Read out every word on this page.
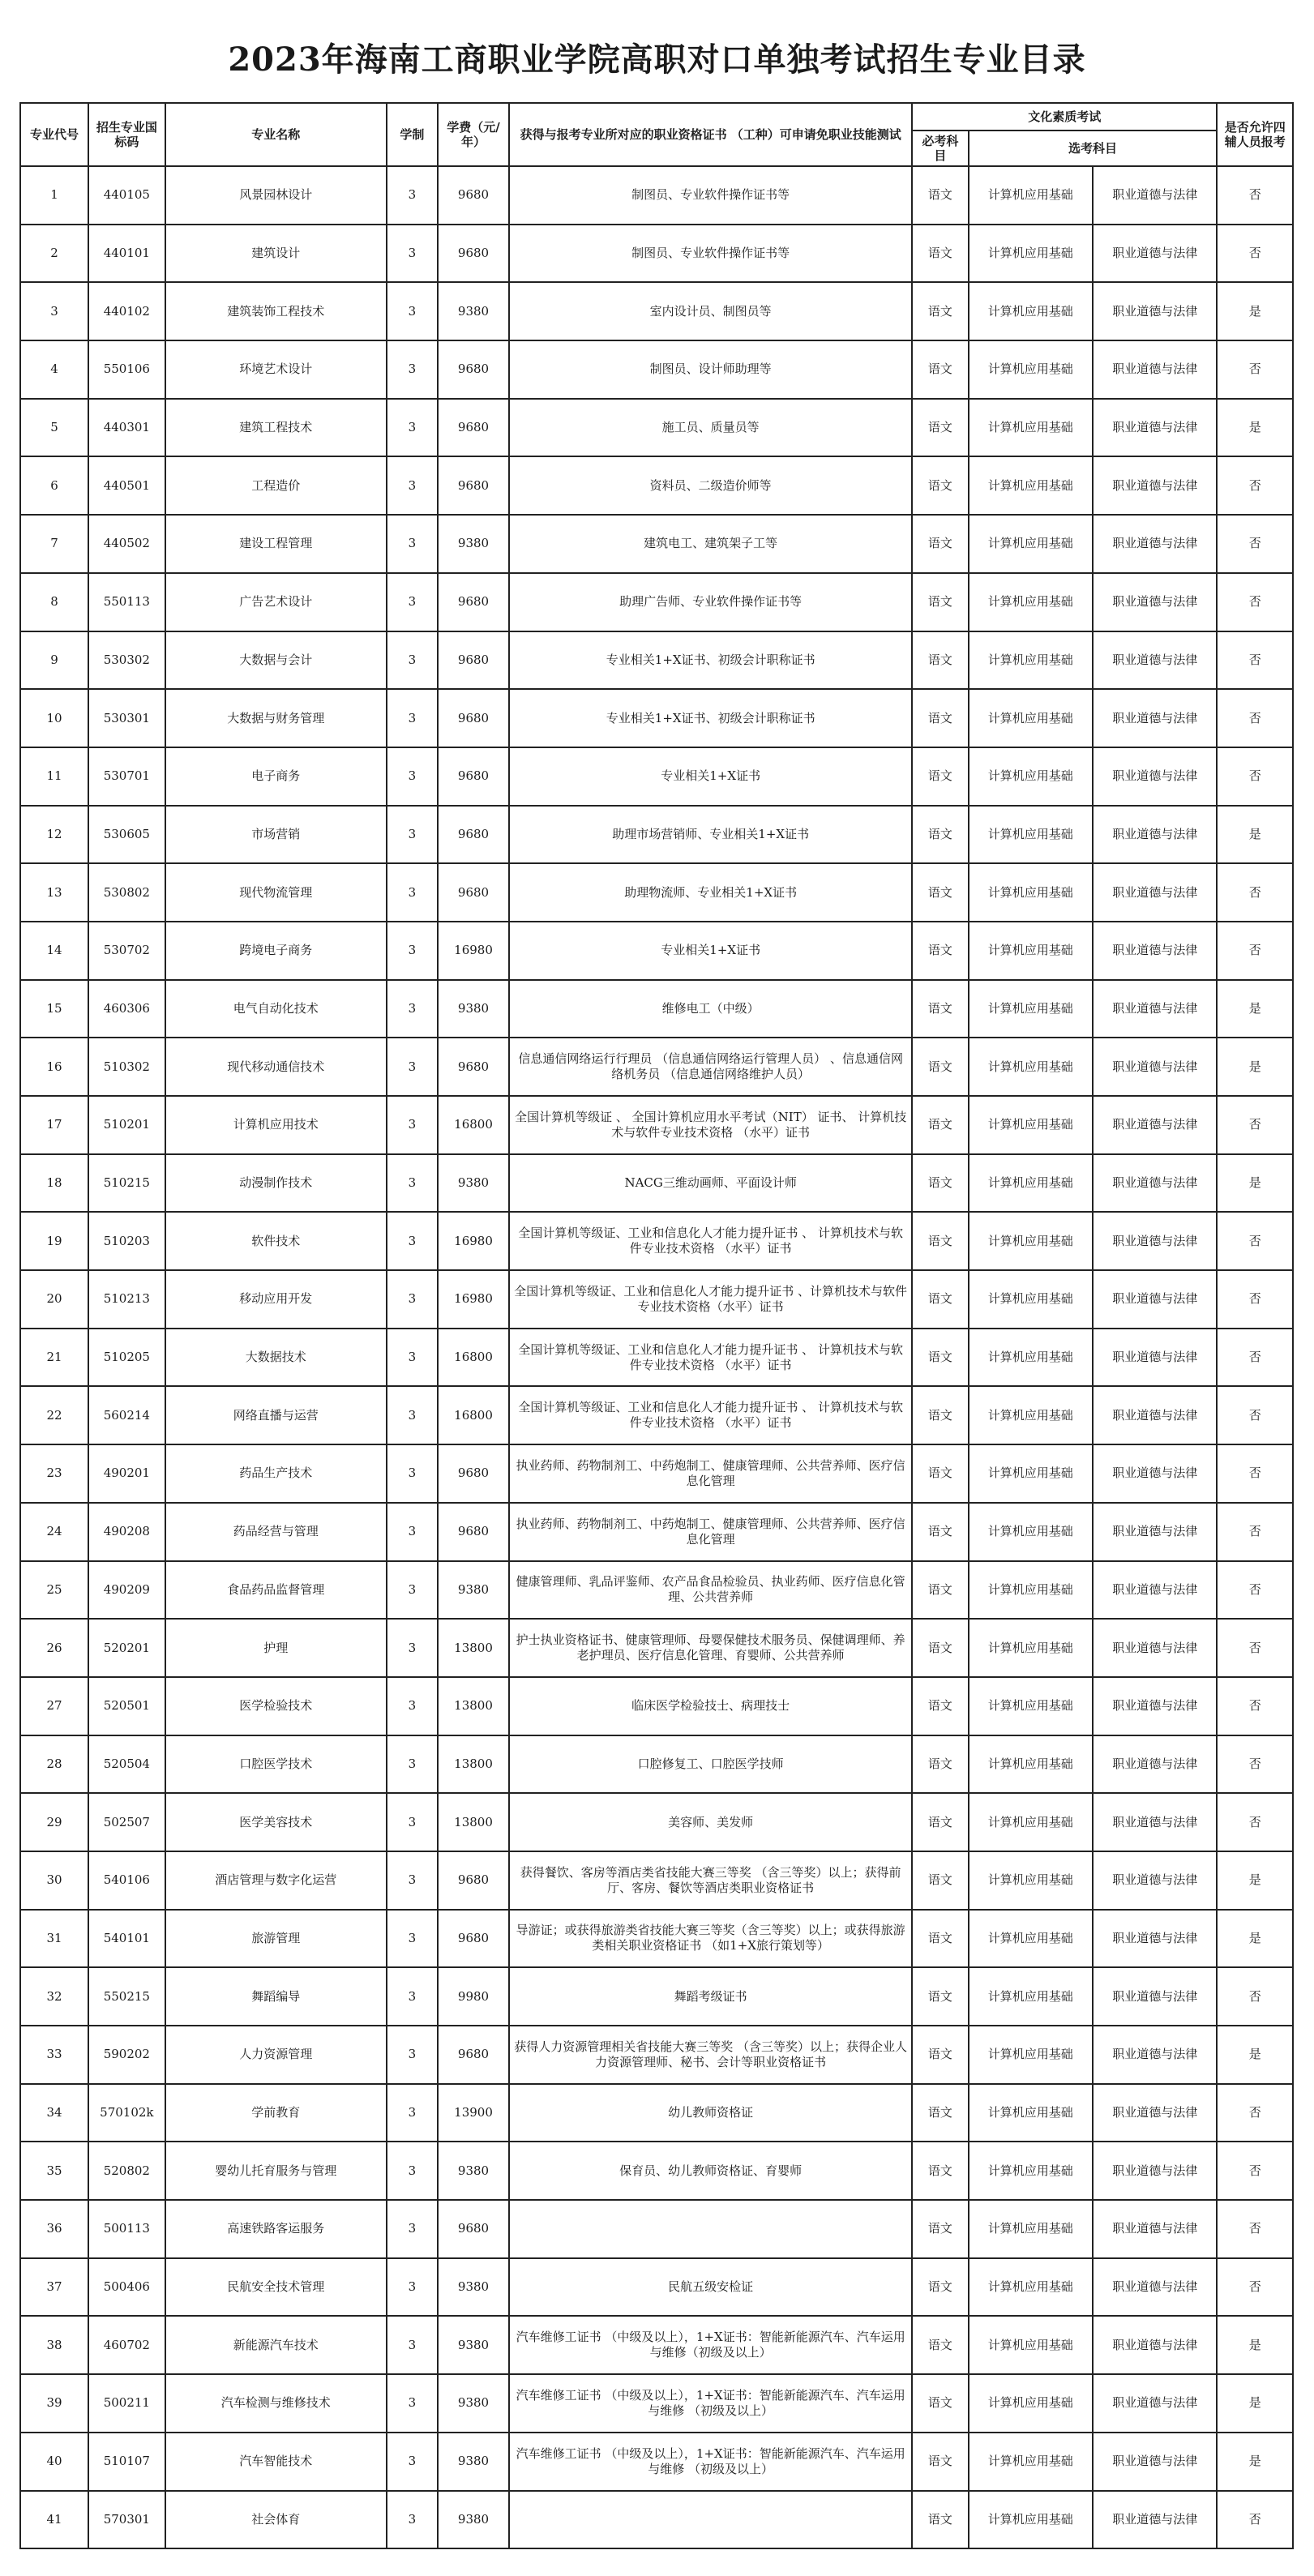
2023年海南工商职业学院高职对口单独考试招生专业目录
专业代号	招生专业国标码	专业名称	学制	学费（元/年）	获得与报考专业所对应的职业资格证书 （工种）可申请免职业技能测试	文化素质考试			是否允许四辅人员报考
						必考科目	选考科目		
1	440105	风景园林设计	3	9680	制图员、专业软件操作证书等	语文	计算机应用基础	职业道德与法律	否
2	440101	建筑设计	3	9680	制图员、专业软件操作证书等	语文	计算机应用基础	职业道德与法律	否
3	440102	建筑装饰工程技术	3	9380	室内设计员、制图员等	语文	计算机应用基础	职业道德与法律	是
4	550106	环境艺术设计	3	9680	制图员、设计师助理等	语文	计算机应用基础	职业道德与法律	否
5	440301	建筑工程技术	3	9680	施工员、质量员等	语文	计算机应用基础	职业道德与法律	是
6	440501	工程造价	3	9680	资料员、二级造价师等	语文	计算机应用基础	职业道德与法律	否
7	440502	建设工程管理	3	9380	建筑电工、建筑架子工等	语文	计算机应用基础	职业道德与法律	否
8	550113	广告艺术设计	3	9680	助理广告师、专业软件操作证书等	语文	计算机应用基础	职业道德与法律	否
9	530302	大数据与会计	3	9680	专业相关1+X证书、初级会计职称证书	语文	计算机应用基础	职业道德与法律	否
10	530301	大数据与财务管理	3	9680	专业相关1+X证书、初级会计职称证书	语文	计算机应用基础	职业道德与法律	否
11	530701	电子商务	3	9680	专业相关1+X证书	语文	计算机应用基础	职业道德与法律	否
12	530605	市场营销	3	9680	助理市场营销师、专业相关1+X证书	语文	计算机应用基础	职业道德与法律	是
13	530802	现代物流管理	3	9680	助理物流师、专业相关1+X证书	语文	计算机应用基础	职业道德与法律	否
14	530702	跨境电子商务	3	16980	专业相关1+X证书	语文	计算机应用基础	职业道德与法律	否
15	460306	电气自动化技术	3	9380	维修电工（中级）	语文	计算机应用基础	职业道德与法律	是
16	510302	现代移动通信技术	3	9680	信息通信网络运行行理员 （信息通信网络运行管理人员） 、信息通信网络机务员 （信息通信网络维护人员）	语文	计算机应用基础	职业道德与法律	是
17	510201	计算机应用技术	3	16800	全国计算机等级证 、 全国计算机应用水平考试（NIT） 证书、 计算机技术与软件专业技术资格 （水平）证书	语文	计算机应用基础	职业道德与法律	否
18	510215	动漫制作技术	3	9380	NACG三维动画师、平面设计师	语文	计算机应用基础	职业道德与法律	是
19	510203	软件技术	3	16980	全国计算机等级证、工业和信息化人才能力提升证书 、 计算机技术与软件专业技术资格 （水平）证书	语文	计算机应用基础	职业道德与法律	否
20	510213	移动应用开发	3	16980	全国计算机等级证、工业和信息化人才能力提升证书 、计算机技术与软件专业技术资格（水平）证书	语文	计算机应用基础	职业道德与法律	否
21	510205	大数据技术	3	16800	全国计算机等级证、工业和信息化人才能力提升证书 、 计算机技术与软件专业技术资格 （水平）证书	语文	计算机应用基础	职业道德与法律	否
22	560214	网络直播与运营	3	16800	全国计算机等级证、工业和信息化人才能力提升证书 、 计算机技术与软件专业技术资格 （水平）证书	语文	计算机应用基础	职业道德与法律	否
23	490201	药品生产技术	3	9680	执业药师、药物制剂工、中药炮制工、健康管理师、公共营养师、医疗信息化管理	语文	计算机应用基础	职业道德与法律	否
24	490208	药品经营与管理	3	9680	执业药师、药物制剂工、中药炮制工、健康管理师、公共营养师、医疗信息化管理	语文	计算机应用基础	职业道德与法律	否
25	490209	食品药品监督管理	3	9380	健康管理师、乳品评鉴师、农产品食品检验员、执业药师、医疗信息化管理、公共营养师	语文	计算机应用基础	职业道德与法律	否
26	520201	护理	3	13800	护士执业资格证书、健康管理师、母婴保健技术服务员、保健调理师、养老护理员、医疗信息化管理、育婴师、公共营养师	语文	计算机应用基础	职业道德与法律	否
27	520501	医学检验技术	3	13800	临床医学检验技士、病理技士	语文	计算机应用基础	职业道德与法律	否
28	520504	口腔医学技术	3	13800	口腔修复工、口腔医学技师	语文	计算机应用基础	职业道德与法律	否
29	502507	医学美容技术	3	13800	美容师、美发师	语文	计算机应用基础	职业道德与法律	否
30	540106	酒店管理与数字化运营	3	9680	获得餐饮、客房等酒店类省技能大赛三等奖 （含三等奖）以上；获得前厅、客房、餐饮等酒店类职业资格证书	语文	计算机应用基础	职业道德与法律	是
31	540101	旅游管理	3	9680	导游证；或获得旅游类省技能大赛三等奖（含三等奖）以上；或获得旅游类相关职业资格证书 （如1+X旅行策划等）	语文	计算机应用基础	职业道德与法律	是
32	550215	舞蹈编导	3	9980	舞蹈考级证书	语文	计算机应用基础	职业道德与法律	否
33	590202	人力资源管理	3	9680	获得人力资源管理相关省技能大赛三等奖 （含三等奖）以上；获得企业人力资源管理师、秘书、会计等职业资格证书	语文	计算机应用基础	职业道德与法律	是
34	570102k	学前教育	3	13900	幼儿教师资格证	语文	计算机应用基础	职业道德与法律	否
35	520802	婴幼儿托育服务与管理	3	9380	保育员、幼儿教师资格证、育婴师	语文	计算机应用基础	职业道德与法律	否
36	500113	高速铁路客运服务	3	9680		语文	计算机应用基础	职业道德与法律	否
37	500406	民航安全技术管理	3	9380	民航五级安检证	语文	计算机应用基础	职业道德与法律	否
38	460702	新能源汽车技术	3	9380	汽车维修工证书 （中级及以上），1+X证书：智能新能源汽车、汽车运用与维修（初级及以上）	语文	计算机应用基础	职业道德与法律	是
39	500211	汽车检测与维修技术	3	9380	汽车维修工证书 （中级及以上），1+X证书：智能新能源汽车、汽车运用与维修 （初级及以上）	语文	计算机应用基础	职业道德与法律	是
40	510107	汽车智能技术	3	9380	汽车维修工证书 （中级及以上），1+X证书：智能新能源汽车、汽车运用与维修 （初级及以上）	语文	计算机应用基础	职业道德与法律	是
41	570301	社会体育	3	9380		语文	计算机应用基础	职业道德与法律	否
